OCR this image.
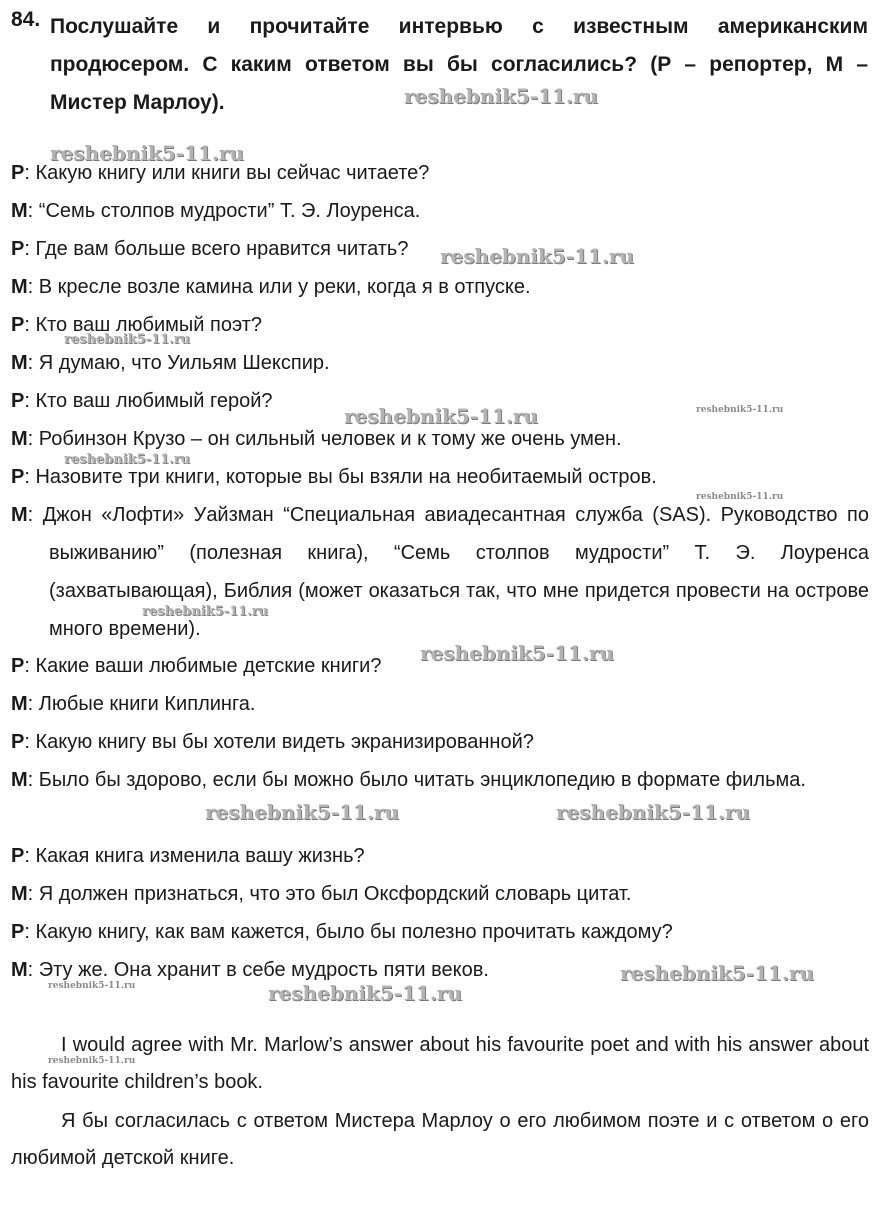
84. Послушайте и прочитайте интервью с известным американским продюсером. С каким ответом вы бы согласились? (Р – репортер, М – Мистер Марлоу).
Р: Какую книгу или книги вы сейчас читаете?
М: “Семь столпов мудрости” Т. Э. Лоуренса.
Р: Где вам больше всего нравится читать?
М: В кресле возле камина или у реки, когда я в отпуске.
Р: Кто ваш любимый поэт?
М: Я думаю, что Уильям Шекспир.
Р: Кто ваш любимый герой?
М: Робинзон Крузо – он сильный человек и к тому же очень умен.
Р: Назовите три книги, которые вы бы взяли на необитаемый остров.
М: Джон «Лофти» Уайзман “Специальная авиадесантная служба (SAS). Руководство по выживанию” (полезная книга), “Семь столпов мудрости” Т. Э. Лоуренса (захватывающая), Библия (может оказаться так, что мне придется провести на острове много времени).
Р: Какие ваши любимые детские книги?
М: Любые книги Киплинга.
Р: Какую книгу вы бы хотели видеть экранизированной?
М: Было бы здорово, если бы можно было читать энциклопедию в формате фильма.
Р: Какая книга изменила вашу жизнь?
М: Я должен признаться, что это был Оксфордский словарь цитат.
Р: Какую книгу, как вам кажется, было бы полезно прочитать каждому?
М: Эту же. Она хранит в себе мудрость пяти веков.
I would agree with Mr. Marlow’s answer about his favourite poet and with his answer about his favourite children’s book.
Я бы согласилась с ответом Мистера Марлоу о его любимом поэте и с ответом о его любимой детской книге.
reshebnik5-11.ru
reshebnik5-11.ru
reshebnik5-11.ru
reshebnik5-11.ru
reshebnik5-11.ru	reshebnik5-11.ru
reshebnik5-11.ru
reshebnik5-11.ru
reshebnik5-11.ru
reshebnik5-11.ru
reshebnik5-11.ru	reshebnik5-11.ru
reshebnik5-11.ru
reshebnik5-11.ru	reshebnik5-11.ru
reshebnik5-11.ru
